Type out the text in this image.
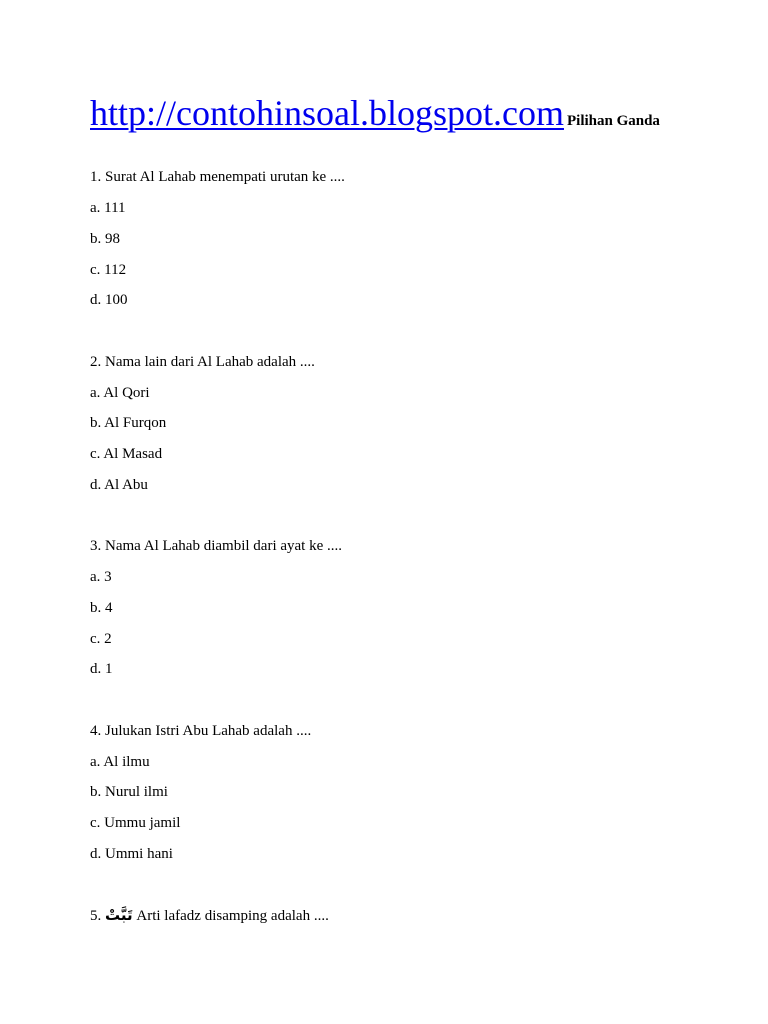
http://contohinsoal.blogspot.com Pilihan Ganda
1. Surat Al Lahab menempati urutan ke ....
a. 111
b. 98
c. 112
d. 100
2. Nama lain dari Al Lahab adalah ....
a. Al Qori
b. Al Furqon
c. Al Masad
d. Al Abu
3. Nama Al Lahab diambil dari ayat ke ....
a. 3
b. 4
c. 2
d. 1
4. Julukan Istri Abu Lahab adalah ....
a. Al ilmu
b. Nurul ilmi
c. Ummu jamil
d. Ummi hani
5. تَبَّتْ Arti lafadz disamping adalah ....
